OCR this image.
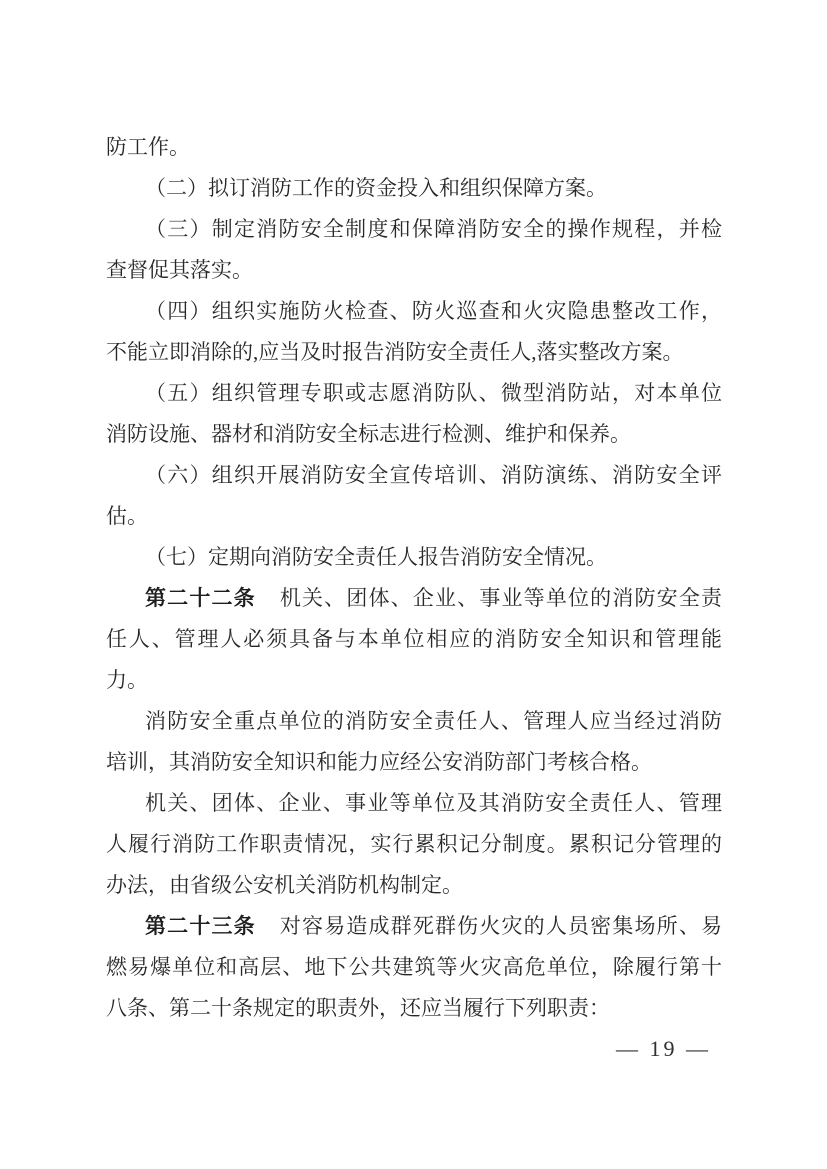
防工作。
（二）拟订消防工作的资金投入和组织保障方案。
（三）制定消防安全制度和保障消防安全的操作规程，并检
查督促其落实。
（四）组织实施防火检查、防火巡查和火灾隐患整改工作，
不能立即消除的,应当及时报告消防安全责任人,落实整改方案。
（五）组织管理专职或志愿消防队、微型消防站，对本单位
消防设施、器材和消防安全标志进行检测、维护和保养。
（六）组织开展消防安全宣传培训、消防演练、消防安全评
估。
（七）定期向消防安全责任人报告消防安全情况。
第二十二条 机关、团体、企业、事业等单位的消防安全责
任人、管理人必须具备与本单位相应的消防安全知识和管理能
力。
消防安全重点单位的消防安全责任人、管理人应当经过消防
培训，其消防安全知识和能力应经公安消防部门考核合格。
机关、团体、企业、事业等单位及其消防安全责任人、管理
人履行消防工作职责情况，实行累积记分制度。累积记分管理的
办法，由省级公安机关消防机构制定。
第二十三条 对容易造成群死群伤火灾的人员密集场所、易
燃易爆单位和高层、地下公共建筑等火灾高危单位，除履行第十
八条、第二十条规定的职责外，还应当履行下列职责：
— 19 —
